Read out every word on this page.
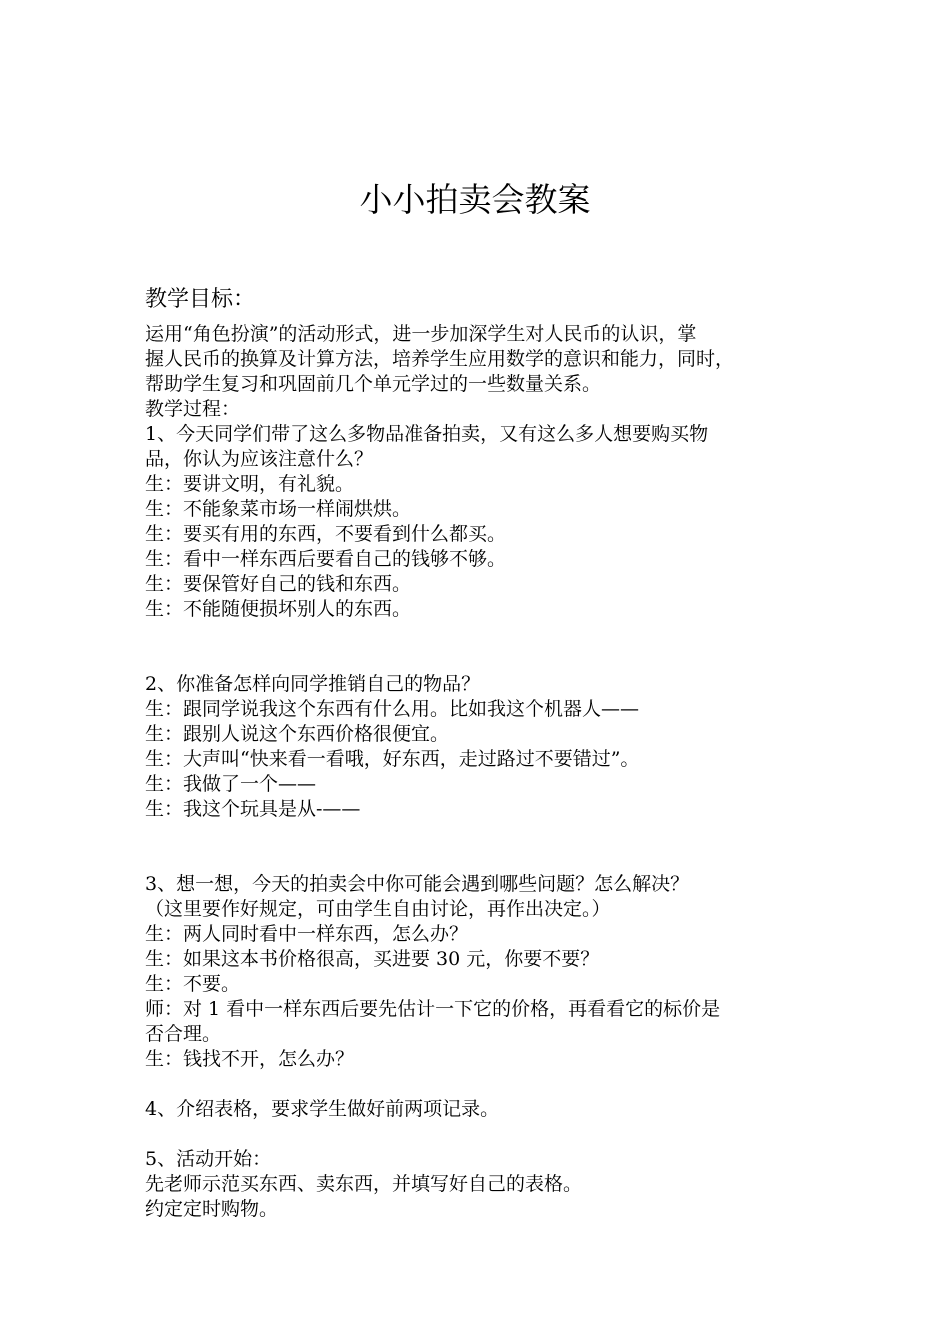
小小拍卖会教案
教学目标：
运用“角色扮演”的活动形式，进一步加深学生对人民币的认识，掌
握人民币的换算及计算方法，培养学生应用数学的意识和能力，同时，
帮助学生复习和巩固前几个单元学过的一些数量关系。
教学过程：
1、今天同学们带了这么多物品准备拍卖，又有这么多人想要购买物
品，你认为应该注意什么？
生：要讲文明，有礼貌。
生：不能象菜市场一样闹烘烘。
生：要买有用的东西，不要看到什么都买。
生：看中一样东西后要看自己的钱够不够。
生：要保管好自己的钱和东西。
生：不能随便损坏别人的东西。
2、你准备怎样向同学推销自己的物品？
生：跟同学说我这个东西有什么用。比如我这个机器人——
生：跟别人说这个东西价格很便宜。
生：大声叫“快来看一看哦，好东西，走过路过不要错过”。
生：我做了一个——
生：我这个玩具是从-——
3、想一想，今天的拍卖会中你可能会遇到哪些问题？怎么解决？
（这里要作好规定，可由学生自由讨论，再作出决定。）
生：两人同时看中一样东西，怎么办？
生：如果这本书价格很高，买进要 30 元，你要不要？
生：不要。
师：对 1 看中一样东西后要先估计一下它的价格，再看看它的标价是
否合理。
生：钱找不开，怎么办？
4、介绍表格，要求学生做好前两项记录。
5、活动开始：
先老师示范买东西、卖东西，并填写好自己的表格。
约定定时购物。
